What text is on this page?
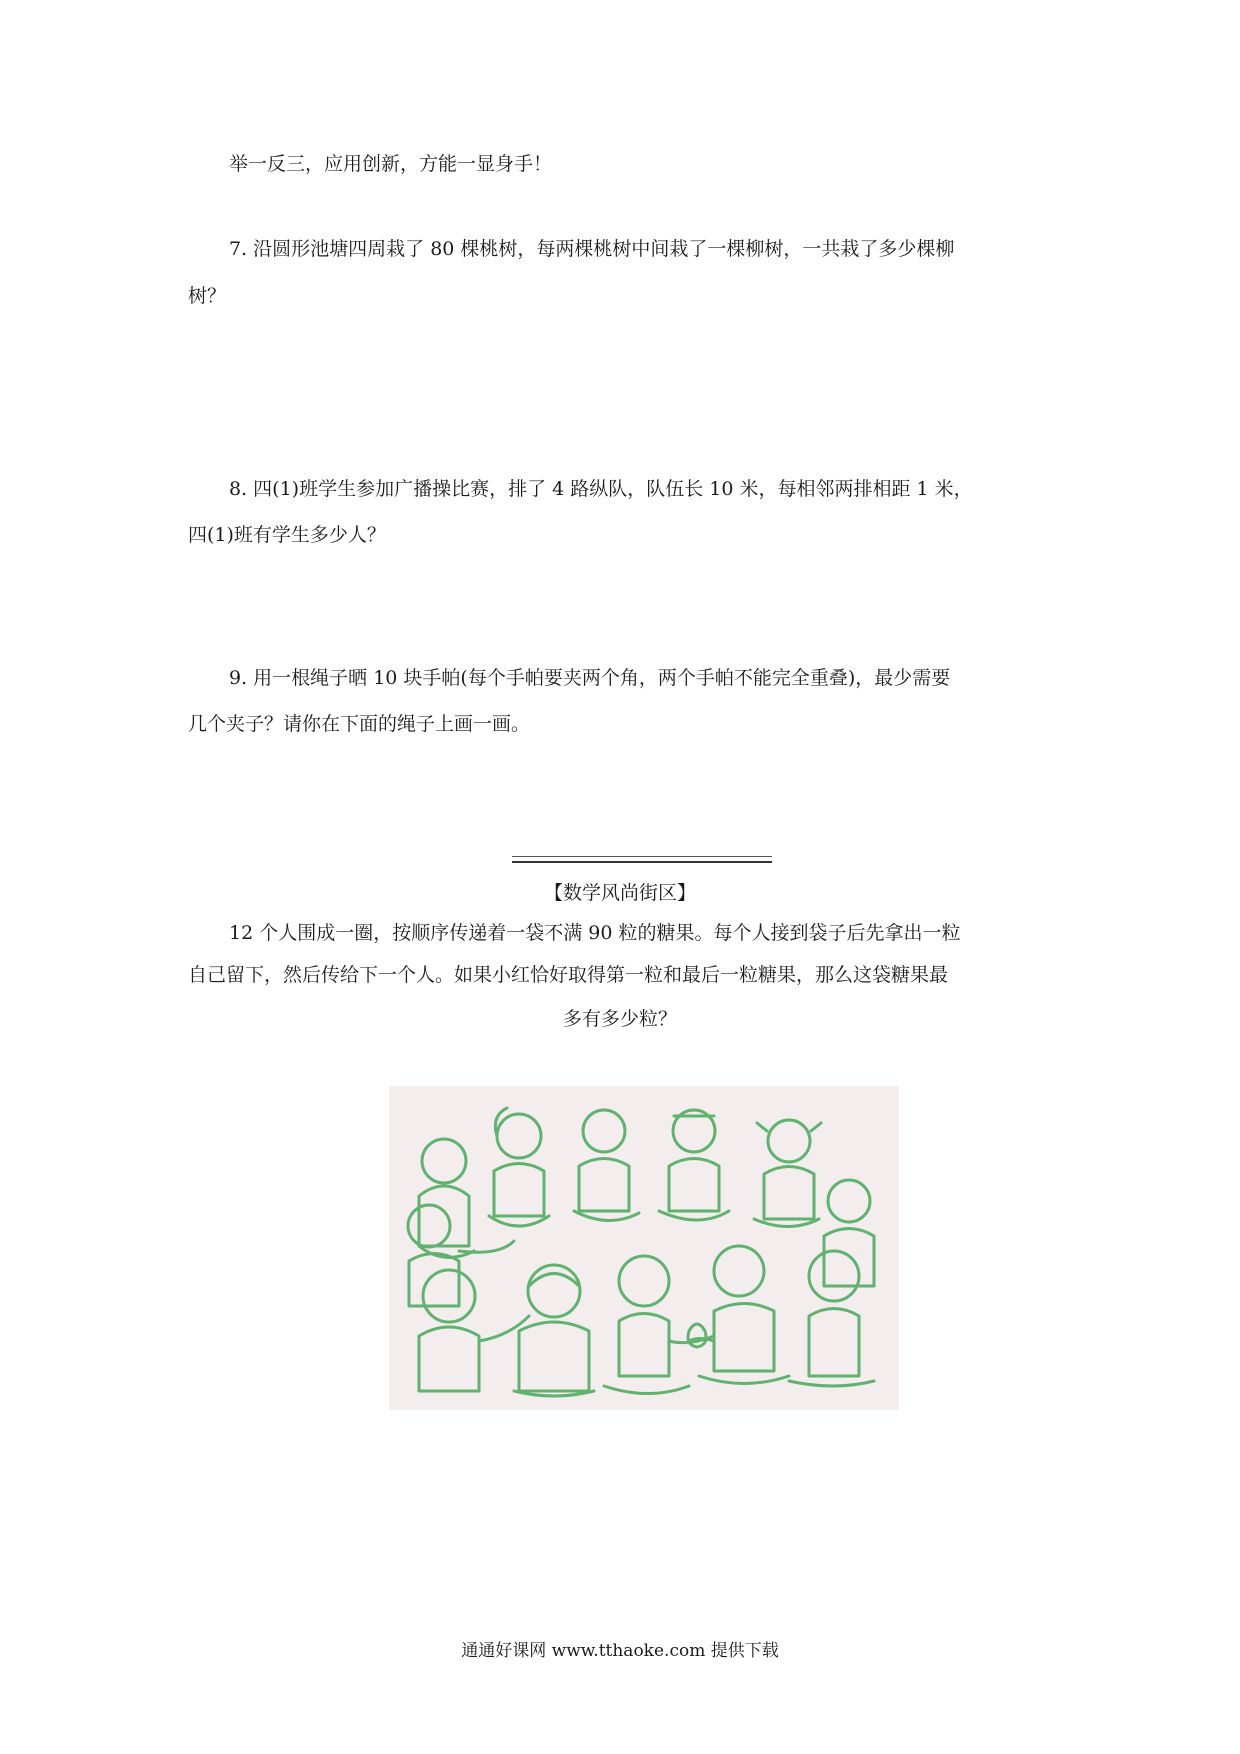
举一反三，应用创新，方能一显身手！
7. 沿圆形池塘四周栽了 80 棵桃树，每两棵桃树中间栽了一棵柳树，一共栽了多少棵柳
树？
8. 四(1)班学生参加广播操比赛，排了 4 路纵队，队伍长 10 米，每相邻两排相距 1 米，
四(1)班有学生多少人？
9. 用一根绳子晒 10 块手帕(每个手帕要夹两个角，两个手帕不能完全重叠)，最少需要
几个夹子？请你在下面的绳子上画一画。
【数学风尚街区】
12 个人围成一圈，按顺序传递着一袋不满 90 粒的糖果。每个人接到袋子后先拿出一粒
自己留下，然后传给下一个人。如果小红恰好取得第一粒和最后一粒糖果，那么这袋糖果最
多有多少粒？
通通好课网 www.tthaoke.com 提供下载
